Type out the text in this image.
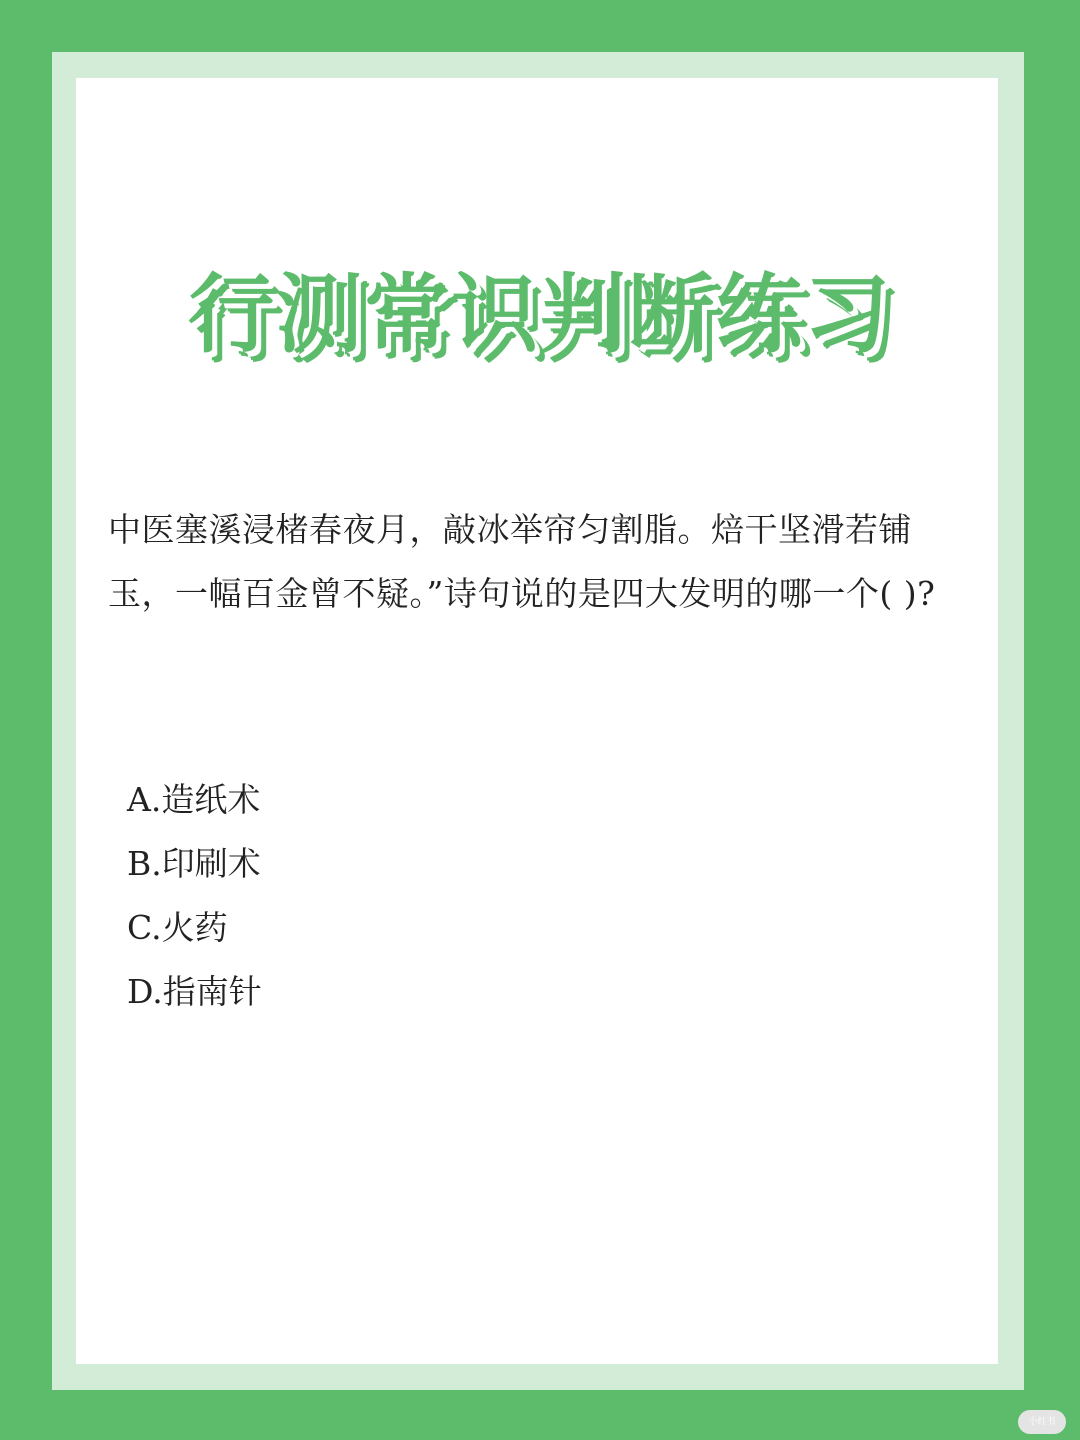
行测常识判断练习

中医塞溪浸楮春夜月，敲冰举帘匀割脂。焙干坚滑若铺玉，一幅百金曾不疑。”诗句说的是四大发明的哪一个( )?

A.造纸术
B.印刷术
C.火药
D.指南针
小红书
